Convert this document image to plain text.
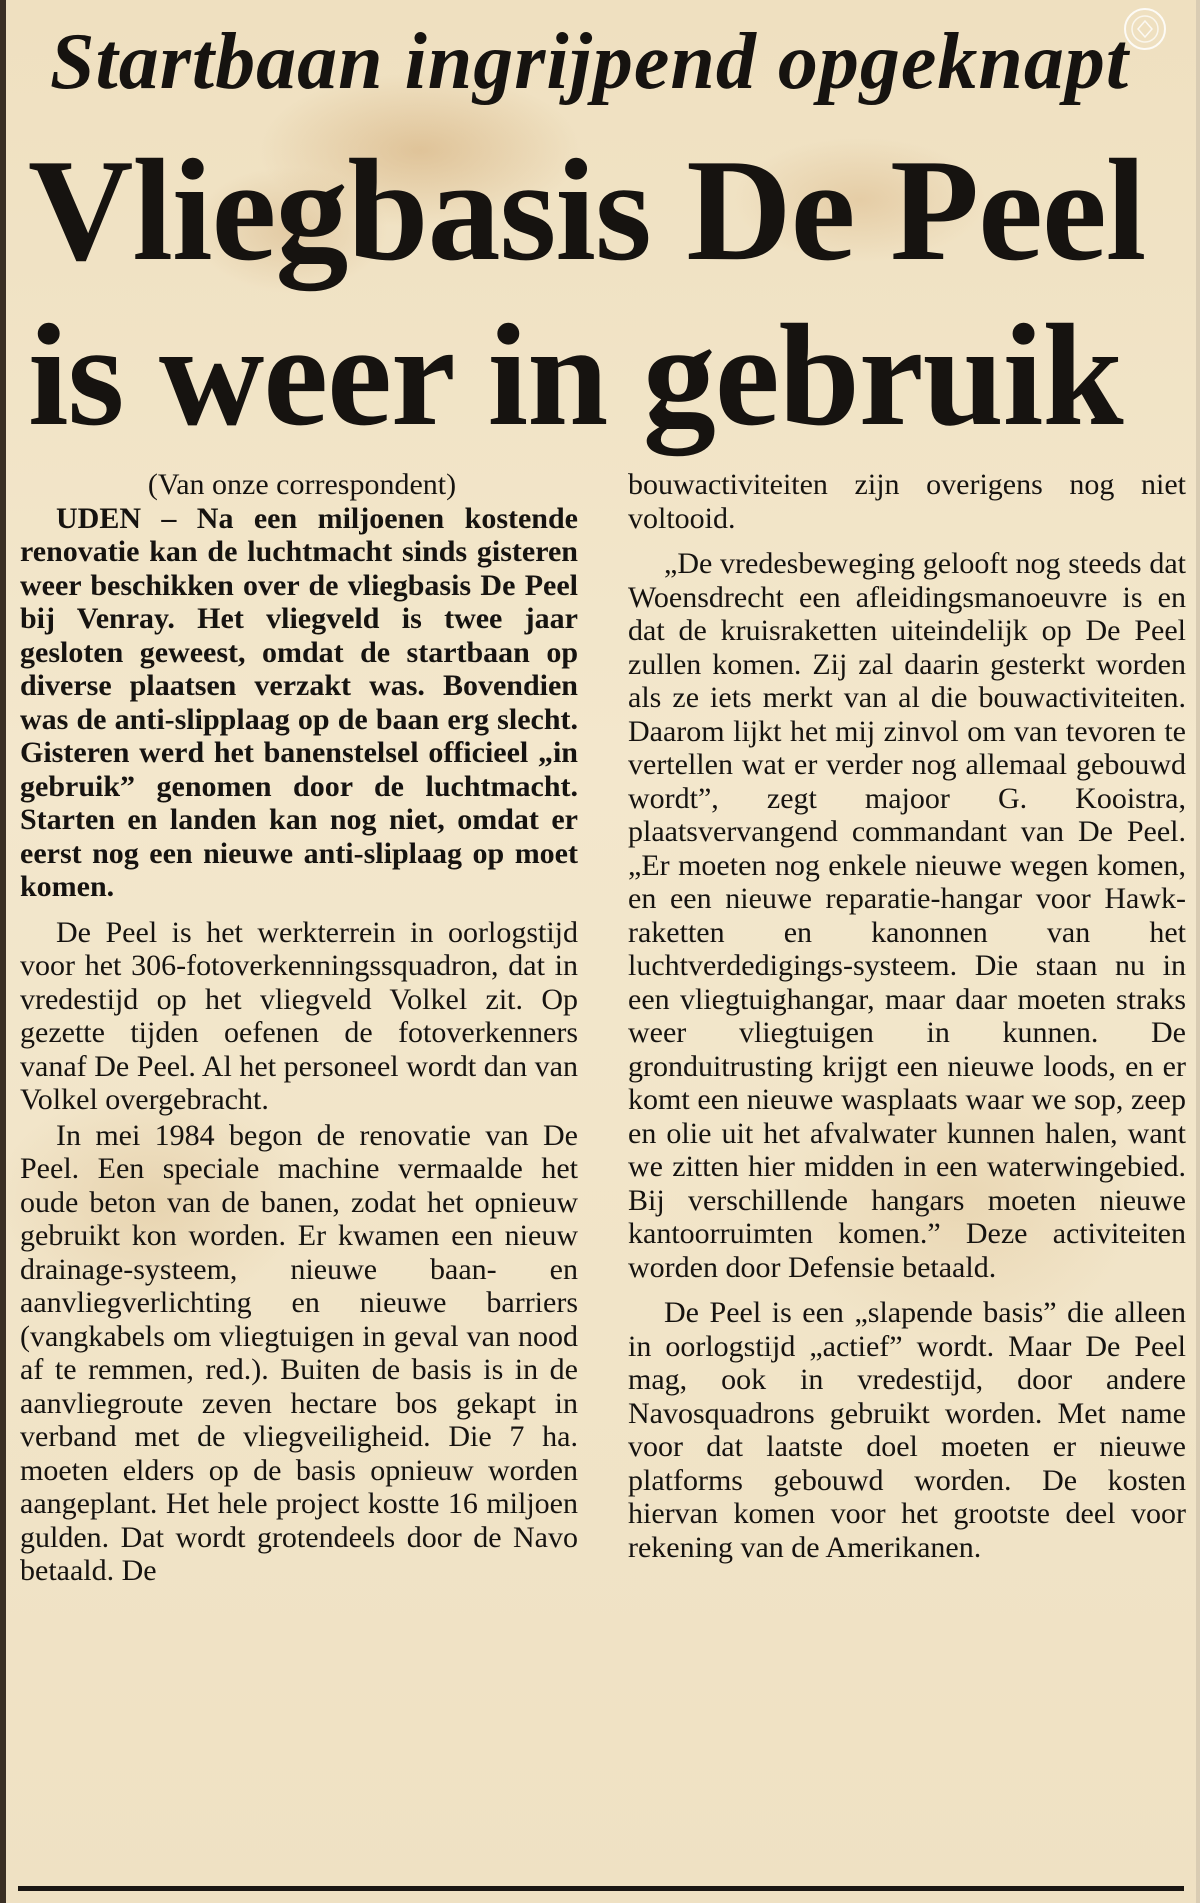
Startbaan ingrijpend opgeknapt
Vliegbasis De Peel
is weer in gebruik

(Van onze correspondent)

UDEN – Na een miljoenen kostende renovatie kan de luchtmacht sinds gisteren weer beschikken over de vliegbasis De Peel bij Venray. Het vliegveld is twee jaar gesloten geweest, omdat de startbaan op diverse plaatsen verzakt was. Bovendien was de anti-slipplaag op de baan erg slecht. Gisteren werd het banenstelsel officieel „in gebruik” genomen door de luchtmacht. Starten en landen kan nog niet, omdat er eerst nog een nieuwe anti-sliplaag op moet komen.

De Peel is het werkterrein in oorlogstijd voor het 306-fotoverkenningssquadron, dat in vredestijd op het vliegveld Volkel zit. Op gezette tijden oefenen de fotoverkenners vanaf De Peel. Al het personeel wordt dan van Volkel overgebracht.

In mei 1984 begon de renovatie van De Peel. Een speciale machine vermaalde het oude beton van de banen, zodat het opnieuw gebruikt kon worden. Er kwamen een nieuw drainage-systeem, nieuwe baan- en aanvliegverlichting en nieuwe barriers (vangkabels om vliegtuigen in geval van nood af te remmen, red.). Buiten de basis is in de aanvliegroute zeven hectare bos gekapt in verband met de vliegveiligheid. Die 7 ha. moeten elders op de basis opnieuw worden aangeplant. Het hele project kostte 16 miljoen gulden. Dat wordt grotendeels door de Navo betaald. De

bouwactiviteiten zijn overigens nog niet voltooid.

„De vredesbeweging gelooft nog steeds dat Woensdrecht een afleidingsmanoeuvre is en dat de kruisraketten uiteindelijk op De Peel zullen komen. Zij zal daarin gesterkt worden als ze iets merkt van al die bouwactiviteiten. Daarom lijkt het mij zinvol om van tevoren te vertellen wat er verder nog allemaal gebouwd wordt”, zegt majoor G. Kooistra, plaatsvervangend commandant van De Peel. „Er moeten nog enkele nieuwe wegen komen, en een nieuwe reparatie-hangar voor Hawk-raketten en kanonnen van het luchtverdedigings-systeem. Die staan nu in een vliegtuighangar, maar daar moeten straks weer vliegtuigen in kunnen. De gronduitrusting krijgt een nieuwe loods, en er komt een nieuwe wasplaats waar we sop, zeep en olie uit het afvalwater kunnen halen, want we zitten hier midden in een waterwingebied. Bij verschillende hangars moeten nieuwe kantoorruimten komen.” Deze activiteiten worden door Defensie betaald.

De Peel is een „slapende basis” die alleen in oorlogstijd „actief” wordt. Maar De Peel mag, ook in vredestijd, door andere Navosquadrons gebruikt worden. Met name voor dat laatste doel moeten er nieuwe platforms gebouwd worden. De kosten hiervan komen voor het grootste deel voor rekening van de Amerikanen.
